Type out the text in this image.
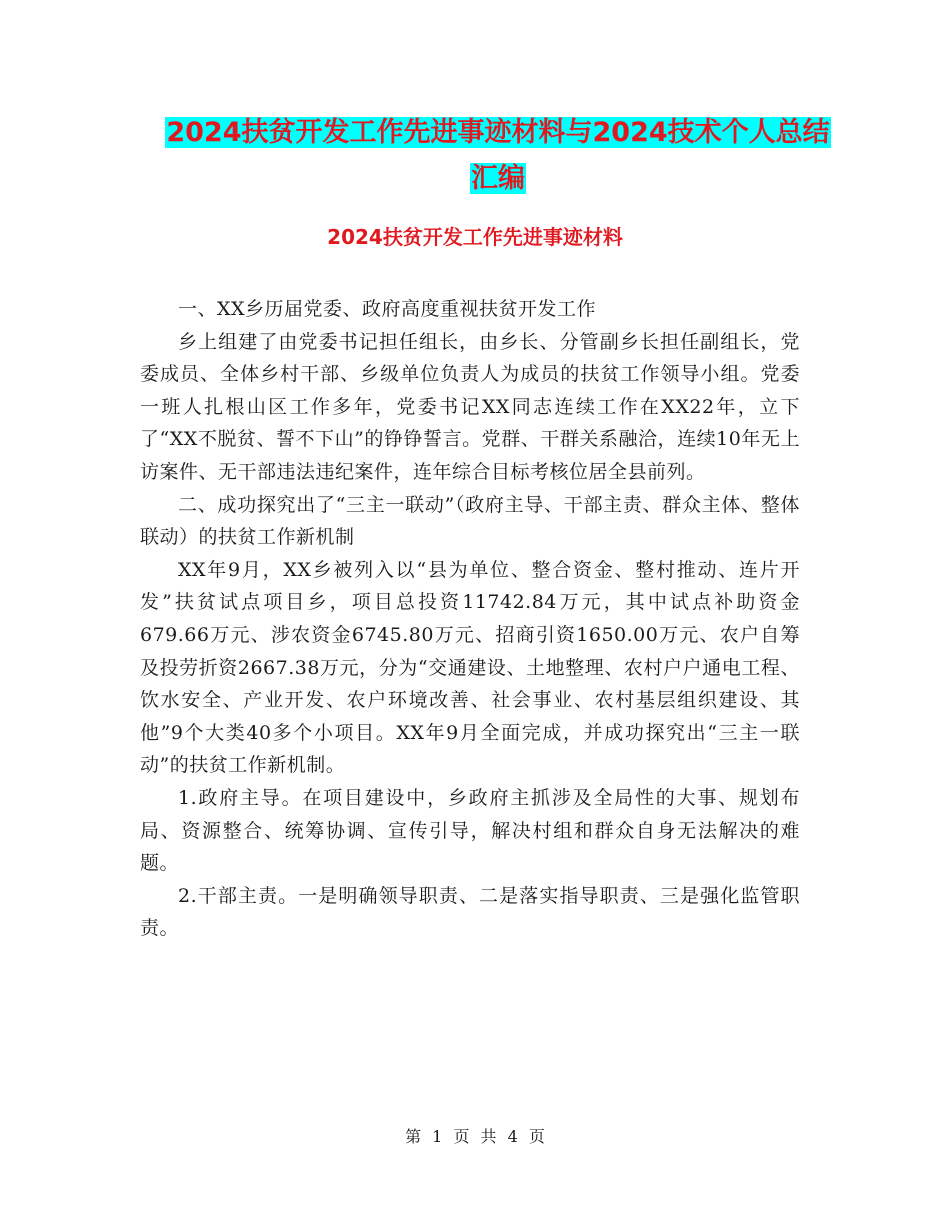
2024扶贫开发工作先进事迹材料与2024技术个人总结
汇编
2024扶贫开发工作先进事迹材料

一、XX乡历届党委、政府高度重视扶贫开发工作

乡上组建了由党委书记担任组长，由乡长、分管副乡长担任副组长，党委成员、全体乡村干部、乡级单位负责人为成员的扶贫工作领导小组。党委一班人扎根山区工作多年，党委书记XX同志连续工作在XX22年，立下了“XX不脱贫、誓不下山”的铮铮誓言。党群、干群关系融洽，连续10年无上访案件、无干部违法违纪案件，连年综合目标考核位居全县前列。

二、成功探究出了“三主一联动”（政府主导、干部主责、群众主体、整体联动）的扶贫工作新机制

XX年9月，XX乡被列入以“县为单位、整合资金、整村推动、连片开发”扶贫试点项目乡，项目总投资11742.84万元，其中试点补助资金679.66万元、涉农资金6745.80万元、招商引资1650.00万元、农户自筹及投劳折资2667.38万元，分为“交通建设、土地整理、农村户户通电工程、饮水安全、产业开发、农户环境改善、社会事业、农村基层组织建设、其他”9个大类40多个小项目。XX年9月全面完成，并成功探究出“三主一联动”的扶贫工作新机制。

1.政府主导。在项目建设中，乡政府主抓涉及全局性的大事、规划布局、资源整合、统筹协调、宣传引导，解决村组和群众自身无法解决的难题。

2.干部主责。一是明确领导职责、二是落实指导职责、三是强化监管职责。

第 1 页 共 4 页
